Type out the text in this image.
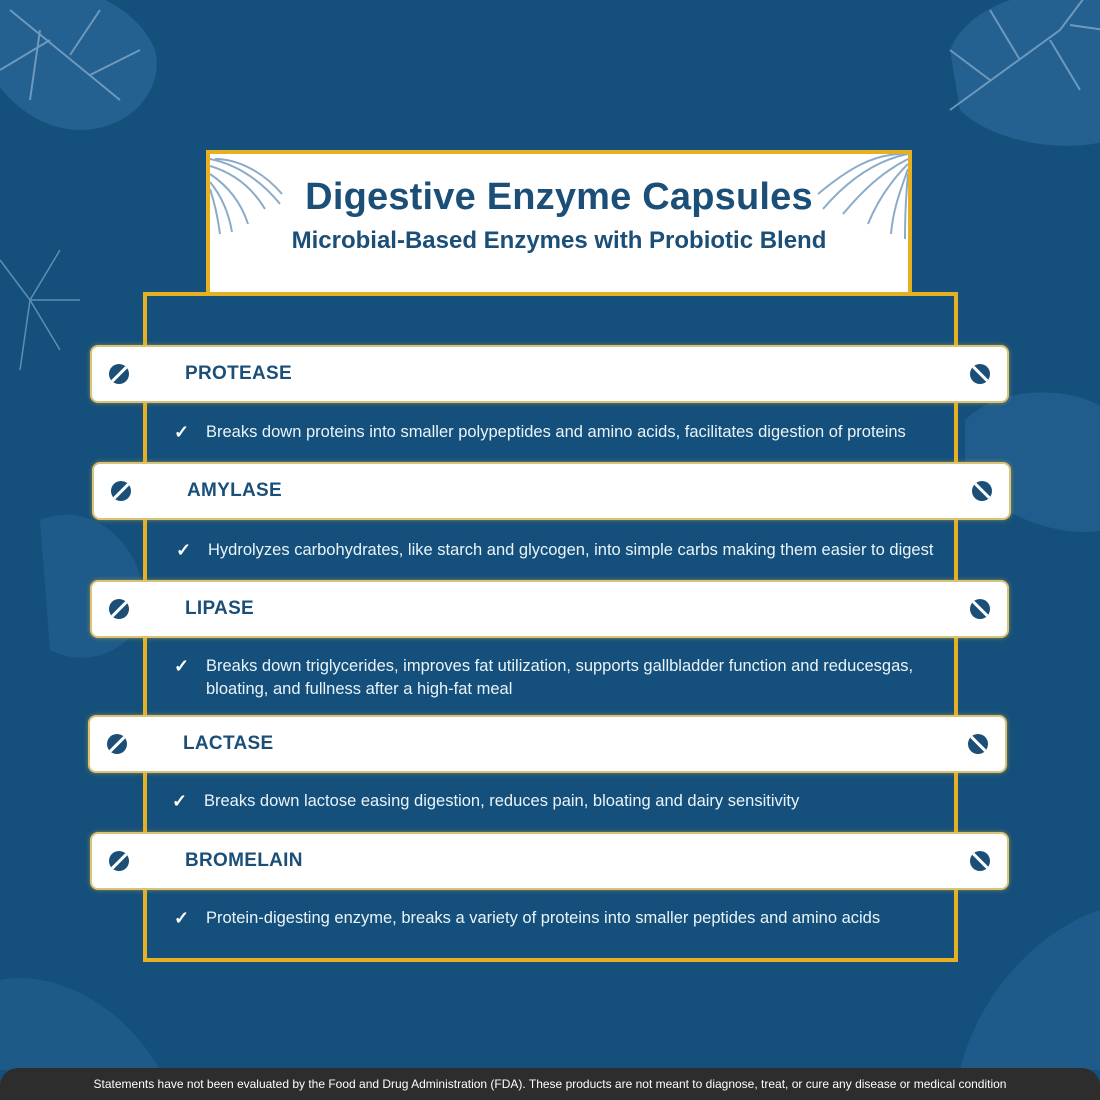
Digestive Enzyme Capsules
Microbial-Based Enzymes with Probiotic Blend
PROTEASE
✓	Breaks down proteins into smaller polypeptides and amino acids, facilitates digestion of proteins
AMYLASE
✓	Hydrolyzes carbohydrates, like starch and glycogen, into simple carbs making them easier to digest
LIPASE
✓	Breaks down triglycerides, improves fat utilization, supports gallbladder function and reducesgas, bloating, and fullness after a high-fat meal
LACTASE
✓	Breaks down lactose easing digestion, reduces pain, bloating and dairy sensitivity
BROMELAIN
✓	Protein-digesting enzyme, breaks a variety of proteins into smaller peptides and amino acids
Statements have not been evaluated by the Food and Drug Administration (FDA). These products are not meant to diagnose, treat, or cure any disease or medical condition
